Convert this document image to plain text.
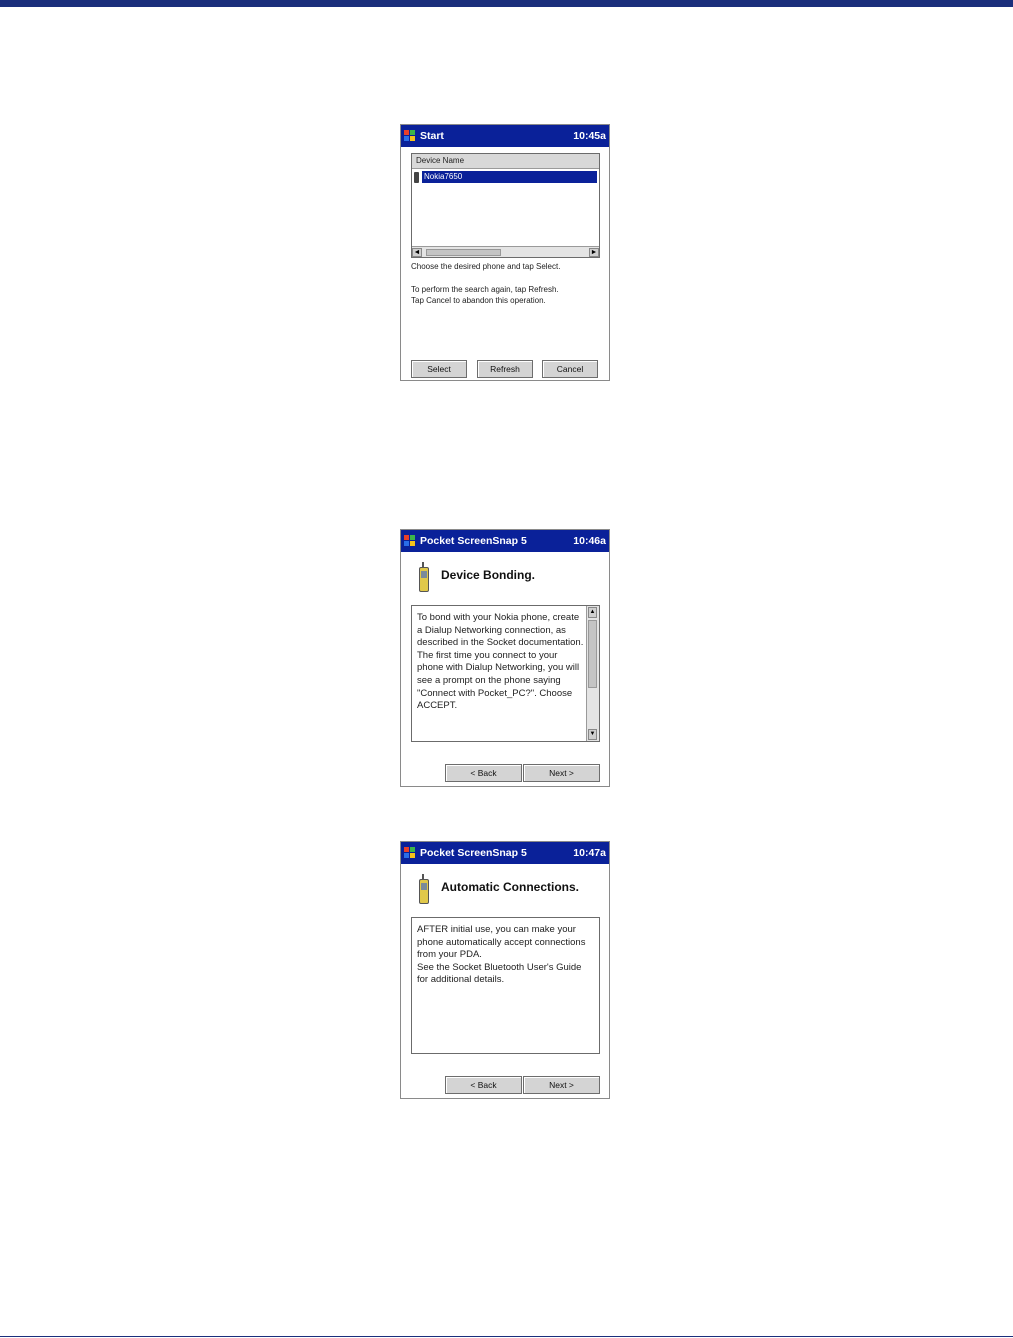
Start	10:45a
Device Name
Nokia7650
◄	►
Choose the desired phone and tap Select.
To perform the search again, tap Refresh.
Tap Cancel to abandon this operation.
Select	Refresh	Cancel
Pocket ScreenSnap 5	10:46a
Device Bonding.
To bond with your Nokia phone, create a Dialup Networking connection, as described in the Socket documentation.
The first time you connect to your phone with Dialup Networking, you will see a prompt on the phone saying "Connect with Pocket_PC?". Choose ACCEPT.
▲
▼
< Back	Next >
Pocket ScreenSnap 5	10:47a
Automatic Connections.
AFTER initial use, you can make your phone automatically accept connections from your PDA.
See the Socket Bluetooth User's Guide for additional details.
< Back	Next >
